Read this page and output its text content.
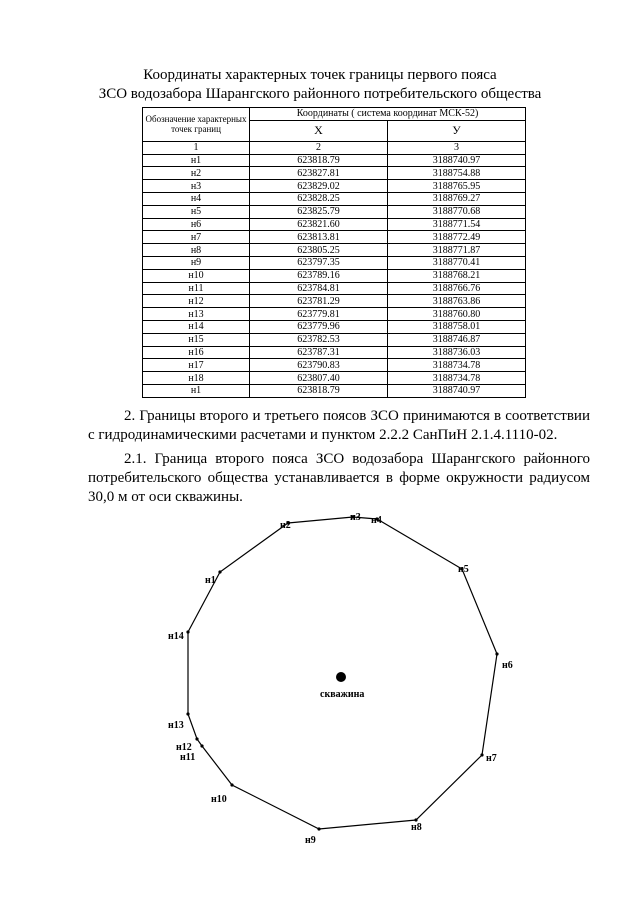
Координаты характерных точек границы первого пояса
ЗСО водозабора Шарангского районного потребительского общества
Обозначение характерных точек границ	Координаты ( система координат МСК-52)	
	Х	У
1	2	3
н1	623818.79	3188740.97
н2	623827.81	3188754.88
н3	623829.02	3188765.95
н4	623828.25	3188769.27
н5	623825.79	3188770.68
н6	623821.60	3188771.54
н7	623813.81	3188772.49
н8	623805.25	3188771.87
н9	623797.35	3188770.41
н10	623789.16	3188768.21
н11	623784.81	3188766.76
н12	623781.29	3188763.86
н13	623779.81	3188760.80
н14	623779.96	3188758.01
н15	623782.53	3188746.87
н16	623787.31	3188736.03
н17	623790.83	3188734.78
н18	623807.40	3188734.78
н1	623818.79	3188740.97
2. Границы второго и третьего поясов ЗСО принимаются в соответствии с гидродинамическими расчетами и пунктом 2.2.2 СанПиН 2.1.4.1110-02.
2.1. Граница второго пояса ЗСО водозабора Шарангского районного потребительского общества устанавливается в форме окружности радиусом 30,0 м от оси скважины.
н1
н2
н3 н4
н5
н6
н7
н8
н9
н10
н12
н11
н13
н14
скважина
